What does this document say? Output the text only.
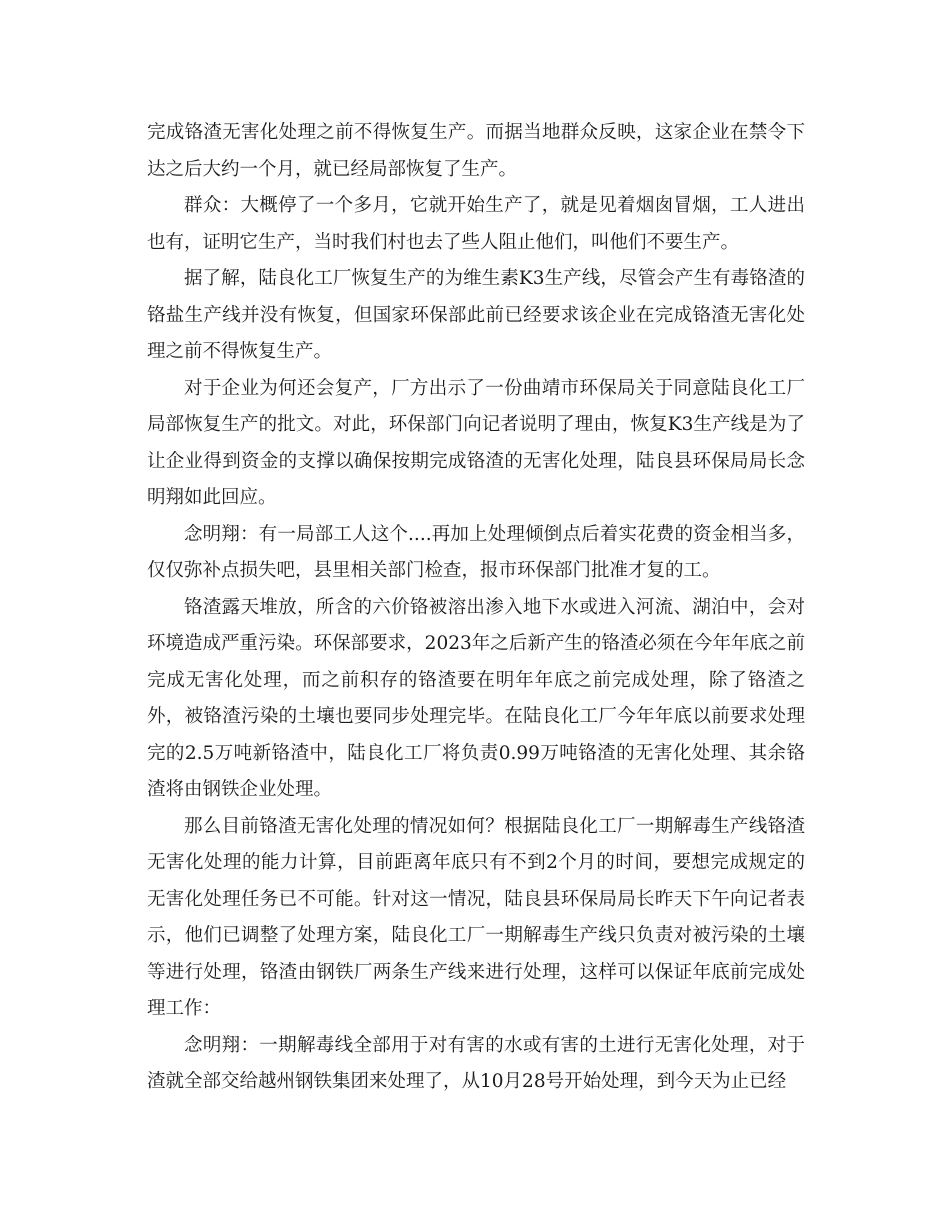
完成铬渣无害化处理之前不得恢复生产。而据当地群众反映，这家企业在禁令下达之后大约一个月，就已经局部恢复了生产。

群众：大概停了一个多月，它就开始生产了，就是见着烟囱冒烟，工人进出也有，证明它生产，当时我们村也去了些人阻止他们，叫他们不要生产。

据了解，陆良化工厂恢复生产的为维生素K3生产线，尽管会产生有毒铬渣的铬盐生产线并没有恢复，但国家环保部此前已经要求该企业在完成铬渣无害化处理之前不得恢复生产。

对于企业为何还会复产，厂方出示了一份曲靖市环保局关于同意陆良化工厂局部恢复生产的批文。对此，环保部门向记者说明了理由，恢复K3生产线是为了让企业得到资金的支撑以确保按期完成铬渣的无害化处理，陆良县环保局局长念明翔如此回应。

念明翔：有一局部工人这个....再加上处理倾倒点后着实花费的资金相当多，仅仅弥补点损失吧，县里相关部门检查，报市环保部门批准才复的工。

铬渣露天堆放，所含的六价铬被溶出渗入地下水或进入河流、湖泊中，会对环境造成严重污染。环保部要求，2023年之后新产生的铬渣必须在今年年底之前完成无害化处理，而之前积存的铬渣要在明年年底之前完成处理，除了铬渣之外，被铬渣污染的土壤也要同步处理完毕。在陆良化工厂今年年底以前要求处理完的2.5万吨新铬渣中，陆良化工厂将负责0.99万吨铬渣的无害化处理、其余铬渣将由钢铁企业处理。

那么目前铬渣无害化处理的情况如何？根据陆良化工厂一期解毒生产线铬渣无害化处理的能力计算，目前距离年底只有不到2个月的时间，要想完成规定的无害化处理任务已不可能。针对这一情况，陆良县环保局局长昨天下午向记者表示，他们已调整了处理方案，陆良化工厂一期解毒生产线只负责对被污染的土壤等进行处理，铬渣由钢铁厂两条生产线来进行处理，这样可以保证年底前完成处理工作：

念明翔：一期解毒线全部用于对有害的水或有害的土进行无害化处理，对于渣就全部交给越州钢铁集团来处理了，从10月28号开始处理，到今天为止已经
